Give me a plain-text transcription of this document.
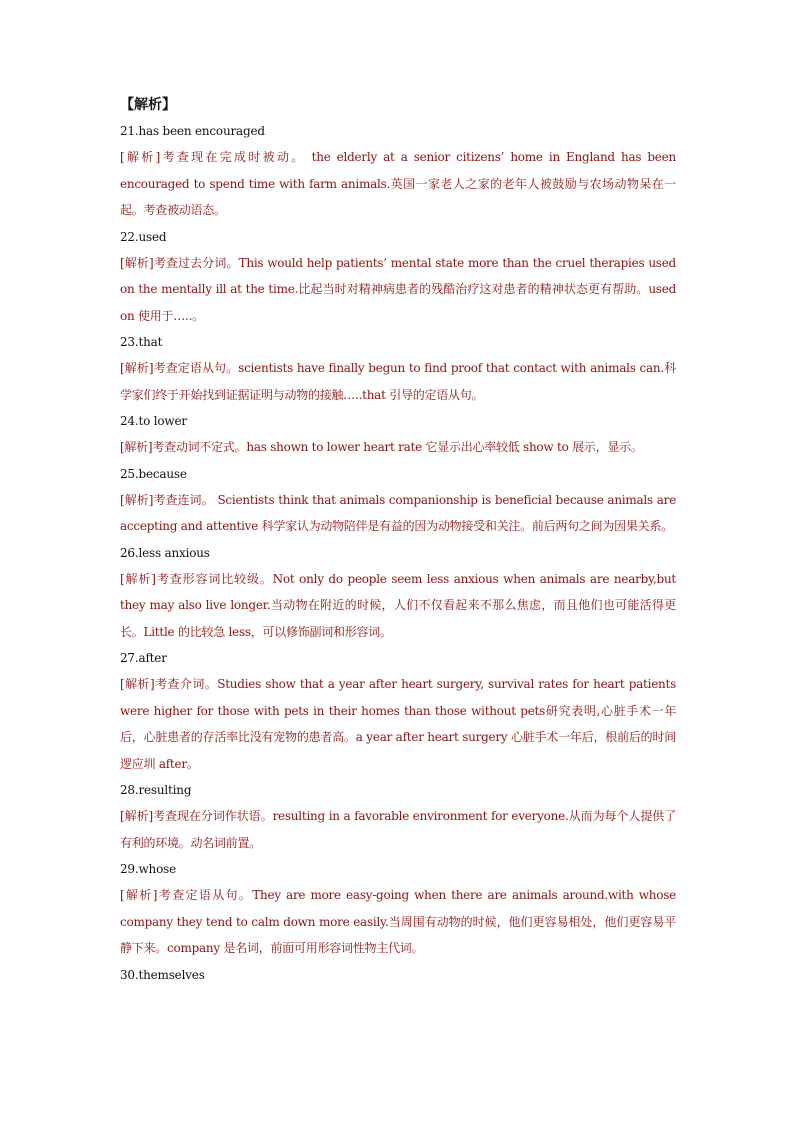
【解析】
21.has been encouraged

[解析]考查现在完成时被动。 the elderly at a senior citizens’ home in England has been encouraged to spend time with farm animals.英国一家老人之家的老年人被鼓励与农场动物呆在一起。考查被动语态。

22.used

[解析]考查过去分词。This would help patients’ mental state more than the cruel therapies used on the mentally ill at the time.比起当时对精神病患者的残酷治疗这对患者的精神状态更有帮助。used on 使用于…..。

23.that

[解析]考查定语从句。scientists have finally begun to find proof that contact with animals can.科学家们终于开始找到证据证明与动物的接触…..that 引导的定语从句。

24.to lower

[解析]考查动词不定式。has shown to lower heart rate 它显示出心率较低 show to 展示，显示。

25.because

[解析]考查连词。 Scientists think that animals companionship is beneficial because animals are accepting and attentive 科学家认为动物陪伴是有益的因为动物接受和关注。前后两句之间为因果关系。

26.less anxious

[解析]考查形容词比较级。Not only do people seem less anxious when animals are nearby,but they may also live longer.当动物在附近的时候，人们不仅看起来不那么焦虑，而且他们也可能活得更长。Little 的比较急 less，可以修饰副词和形容词。

27.after

[解析]考查介词。Studies show that a year after heart surgery, survival rates for heart patients were higher for those with pets in their homes than those without pets研究表明,心脏手术一年后，心脏患者的存活率比没有宠物的患者高。a year after heart surgery 心脏手术一年后，根前后的时间逻应圳 after。

28.resulting

[解析]考查现在分词作状语。resulting in a favorable environment for everyone.从而为每个人提供了有利的环境。动名词前置。

29.whose

[解析]考查定语从句。They are more easy-going when there are animals around.with whose company they tend to calm down more easily.当周围有动物的时候，他们更容易相处，他们更容易平静下来。company 是名词，前面可用形容词性物主代词。

30.themselves
